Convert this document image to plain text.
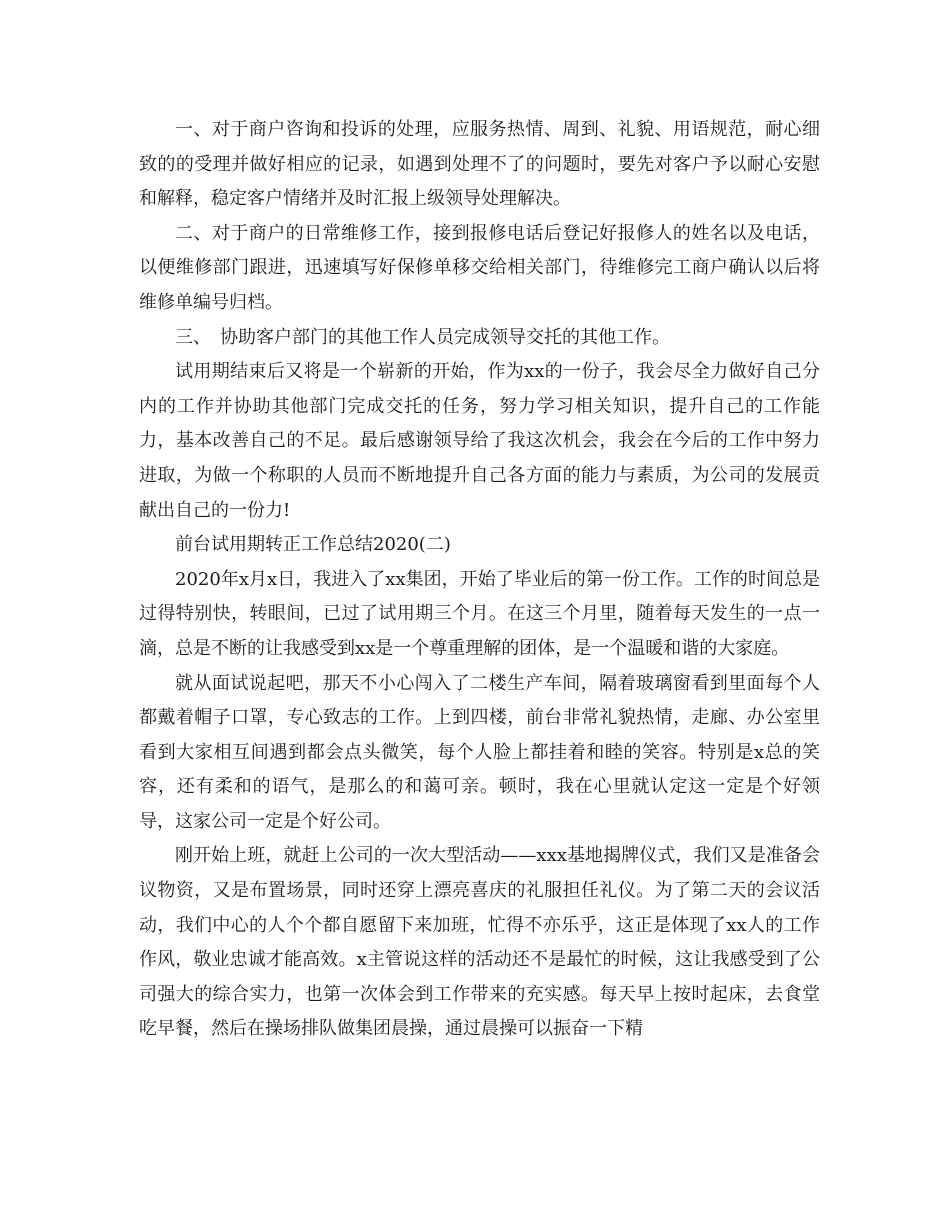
一、对于商户咨询和投诉的处理，应服务热情、周到、礼貌、用语规范，耐心细致的的受理并做好相应的记录，如遇到处理不了的问题时，要先对客户予以耐心安慰和解释，稳定客户情绪并及时汇报上级领导处理解决。

二、对于商户的日常维修工作，接到报修电话后登记好报修人的姓名以及电话，以便维修部门跟进，迅速填写好保修单移交给相关部门，待维修完工商户确认以后将维修单编号归档。

三、　协助客户部门的其他工作人员完成领导交托的其他工作。

试用期结束后又将是一个崭新的开始，作为xx的一份子，我会尽全力做好自己分内的工作并协助其他部门完成交托的任务，努力学习相关知识，提升自己的工作能力，基本改善自己的不足。最后感谢领导给了我这次机会，我会在今后的工作中努力进取，为做一个称职的人员而不断地提升自己各方面的能力与素质，为公司的发展贡献出自己的一份力!

前台试用期转正工作总结2020(二)

2020年x月x日，我进入了xx集团，开始了毕业后的第一份工作。工作的时间总是过得特别快，转眼间，已过了试用期三个月。在这三个月里，随着每天发生的一点一滴，总是不断的让我感受到xx是一个尊重理解的团体，是一个温暖和谐的大家庭。

就从面试说起吧，那天不小心闯入了二楼生产车间，隔着玻璃窗看到里面每个人都戴着帽子口罩，专心致志的工作。上到四楼，前台非常礼貌热情，走廊、办公室里看到大家相互间遇到都会点头微笑，每个人脸上都挂着和睦的笑容。特别是x总的笑容，还有柔和的语气，是那么的和蔼可亲。顿时，我在心里就认定这一定是个好领导，这家公司一定是个好公司。

刚开始上班，就赶上公司的一次大型活动——xxx基地揭牌仪式，我们又是准备会议物资，又是布置场景，同时还穿上漂亮喜庆的礼服担任礼仪。为了第二天的会议活动，我们中心的人个个都自愿留下来加班，忙得不亦乐乎，这正是体现了xx人的工作作风，敬业忠诚才能高效。x主管说这样的活动还不是最忙的时候，这让我感受到了公司强大的综合实力，也第一次体会到工作带来的充实感。每天早上按时起床，去食堂吃早餐，然后在操场排队做集团晨操，通过晨操可以振奋一下精
